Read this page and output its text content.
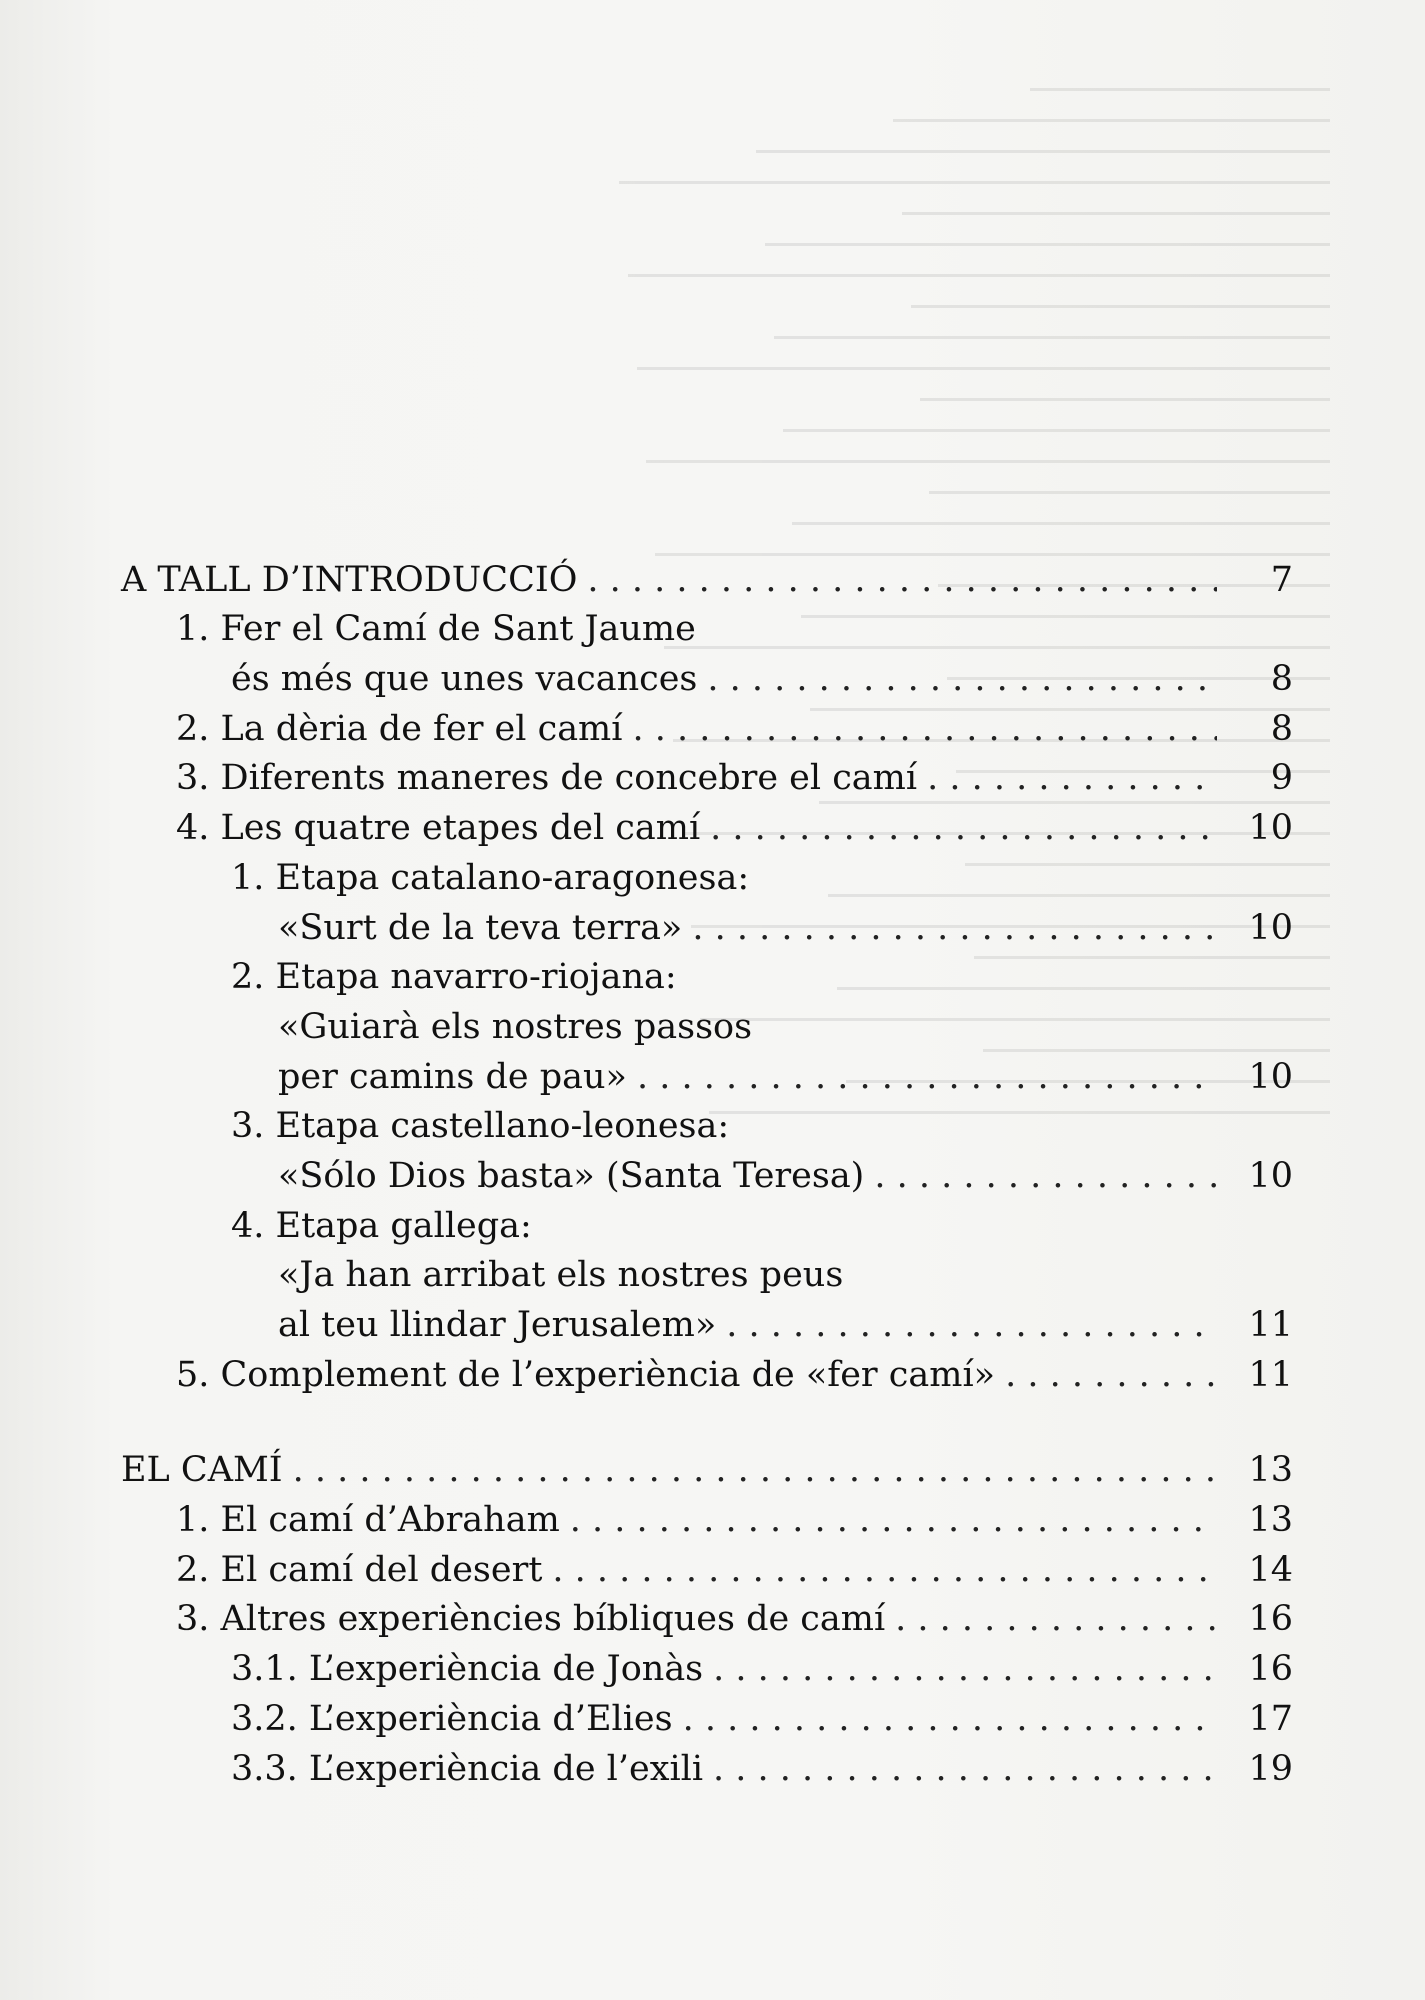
A TALL D’INTRODUCCIÓ . . .	7
1. Fer el Camí de Sant Jaume
és més que unes vacances . . .	8
2. La dèria de fer el camí . . .	8
3. Diferents maneres de concebre el camí . . .	9
4. Les quatre etapes del camí . . .	10
1. Etapa catalano-aragonesa:
«Surt de la teva terra» . . .	10
2. Etapa navarro-riojana:
«Guiarà els nostres passos
per camins de pau» . . .	10
3. Etapa castellano-leonesa:
«Sólo Dios basta» (Santa Teresa) . . .	10
4. Etapa gallega:
«Ja han arribat els nostres peus
al teu llindar Jerusalem» . . .	11
5. Complement de l’experiència de «fer camí» . . .	11
EL CAMÍ . . .	13
1. El camí d’Abraham . . .	13
2. El camí del desert . . .	14
3. Altres experiències bíbliques de camí . . .	16
3.1. L’experiència de Jonàs . . .	16
3.2. L’experiència d’Elies . . .	17
3.3. L’experiència de l’exili . . .	19
